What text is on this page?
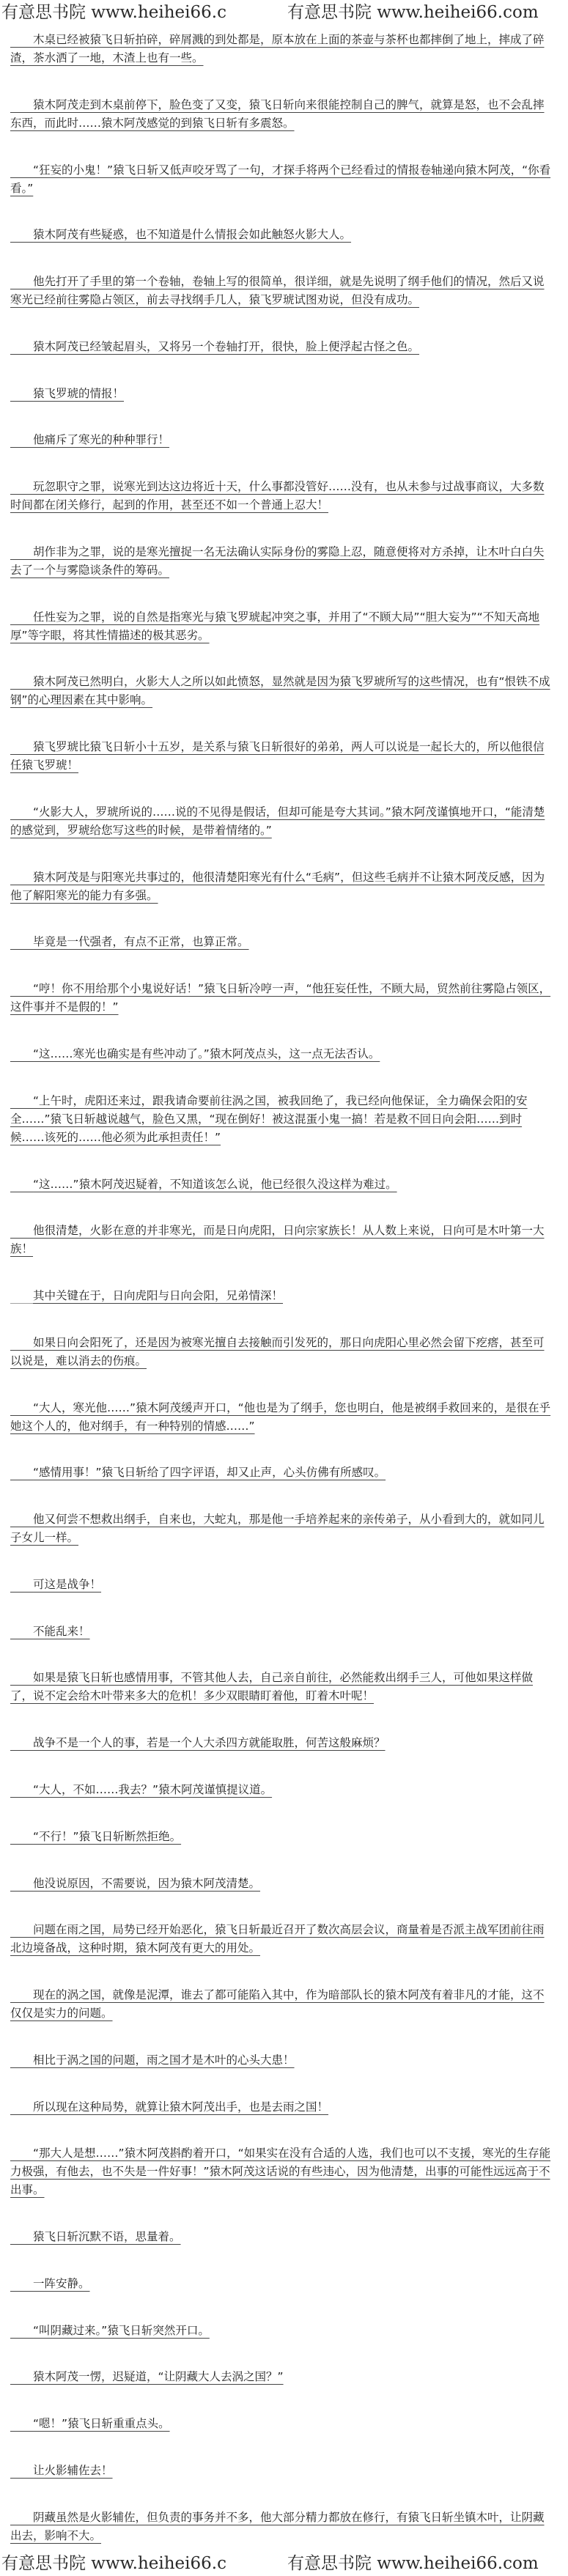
有意思书院 www.heihei66.c	有意思书院 www.heihei66.com

木桌已经被猿飞日斩拍碎，碎屑溅的到处都是，原本放在上面的茶壶与茶杯也都摔倒了地上，摔成了碎渣，茶水洒了一地，木渣上也有一些。

猿木阿茂走到木桌前停下，脸色变了又变，猿飞日斩向来很能控制自己的脾气，就算是怒，也不会乱摔东西，而此时……猿木阿茂感觉的到猿飞日斩有多震怒。

“狂妄的小鬼！”猿飞日斩又低声咬牙骂了一句，才探手将两个已经看过的情报卷轴递向猿木阿茂，“你看看。”

猿木阿茂有些疑惑，也不知道是什么情报会如此触怒火影大人。

他先打开了手里的第一个卷轴，卷轴上写的很简单，很详细，就是先说明了纲手他们的情况，然后又说寒光已经前往雾隐占领区，前去寻找纲手几人，猿飞罗琥试图劝说，但没有成功。

猿木阿茂已经皱起眉头，又将另一个卷轴打开，很快，脸上便浮起古怪之色。

猿飞罗琥的情报！

他痛斥了寒光的种种罪行！

玩忽职守之罪，说寒光到达这边将近十天，什么事都没管好……没有，也从未参与过战事商议，大多数时间都在闭关修行，起到的作用，甚至还不如一个普通上忍大！

胡作非为之罪，说的是寒光擅捉一名无法确认实际身份的雾隐上忍，随意便将对方杀掉，让木叶白白失去了一个与雾隐谈条件的筹码。

任性妄为之罪，说的自然是指寒光与猿飞罗琥起冲突之事，并用了“不顾大局”“胆大妄为”“不知天高地厚”等字眼，将其性情描述的极其恶劣。

猿木阿茂已然明白，火影大人之所以如此愤怒，显然就是因为猿飞罗琥所写的这些情况，也有“恨铁不成钢”的心理因素在其中影响。

猿飞罗琥比猿飞日斩小十五岁，是关系与猿飞日斩很好的弟弟，两人可以说是一起长大的，所以他很信任猿飞罗琥！

“火影大人，罗琥所说的……说的不见得是假话，但却可能是夸大其词。”猿木阿茂谨慎地开口，“能清楚的感觉到，罗琥给您写这些的时候，是带着情绪的。”

猿木阿茂是与阳寒光共事过的，他很清楚阳寒光有什么“毛病”，但这些毛病并不让猿木阿茂反感，因为他了解阳寒光的能力有多强。

毕竟是一代强者，有点不正常，也算正常。

“哼！你不用给那个小鬼说好话！”猿飞日斩冷哼一声，“他狂妄任性，不顾大局，贸然前往雾隐占领区，这件事并不是假的！”

“这……寒光也确实是有些冲动了。”猿木阿茂点头，这一点无法否认。

“上午时，虎阳还来过，跟我请命要前往涡之国，被我回绝了，我已经向他保证，全力确保会阳的安全……”猿飞日斩越说越气，脸色又黑，“现在倒好！被这混蛋小鬼一搞！若是救不回日向会阳……到时候……该死的……他必须为此承担责任！”

“这……”猿木阿茂迟疑着，不知道该怎么说，他已经很久没这样为难过。

他很清楚，火影在意的并非寒光，而是日向虎阳，日向宗家族长！从人数上来说，日向可是木叶第一大族！

其中关键在于，日向虎阳与日向会阳，兄弟情深！

如果日向会阳死了，还是因为被寒光擅自去接触而引发死的，那日向虎阳心里必然会留下疙瘩，甚至可以说是，难以消去的伤痕。

“大人，寒光他……”猿木阿茂缓声开口，“他也是为了纲手，您也明白，他是被纲手救回来的，是很在乎她这个人的，他对纲手，有一种特别的情感……”

“感情用事！”猿飞日斩给了四字评语，却又止声，心头仿佛有所感叹。

他又何尝不想救出纲手，自来也，大蛇丸，那是他一手培养起来的亲传弟子，从小看到大的，就如同儿子女儿一样。

可这是战争！

不能乱来！

如果是猿飞日斩也感情用事，不管其他人去，自己亲自前往，必然能救出纲手三人，可他如果这样做了，说不定会给木叶带来多大的危机！多少双眼睛盯着他，盯着木叶呢！

战争不是一个人的事，若是一个人大杀四方就能取胜，何苦这般麻烦？

“大人，不如……我去？”猿木阿茂谨慎提议道。

“不行！”猿飞日斩断然拒绝。

他没说原因，不需要说，因为猿木阿茂清楚。

问题在雨之国，局势已经开始恶化，猿飞日斩最近召开了数次高层会议，商量着是否派主战军团前往雨北边境备战，这种时期，猿木阿茂有更大的用处。

现在的涡之国，就像是泥潭，谁去了都可能陷入其中，作为暗部队长的猿木阿茂有着非凡的才能，这不仅仅是实力的问题。

相比于涡之国的问题，雨之国才是木叶的心头大患！

所以现在这种局势，就算让猿木阿茂出手，也是去雨之国！

“那大人是想……”猿木阿茂斟酌着开口，“如果实在没有合适的人选，我们也可以不支援，寒光的生存能力极强，有他去，也不失是一件好事！”猿木阿茂这话说的有些违心，因为他清楚，出事的可能性远远高于不出事。

猿飞日斩沉默不语，思量着。

一阵安静。

“叫阴藏过来。”猿飞日斩突然开口。

猿木阿茂一愣，迟疑道，“让阴藏大人去涡之国？”

“嗯！”猿飞日斩重重点头。

让火影辅佐去！

阴藏虽然是火影辅佐，但负责的事务并不多，他大部分精力都放在修行，有猿飞日斩坐镇木叶，让阴藏出去，影响不大。

有意思书院 www.heihei66.c	有意思书院 www.heihei66.com
